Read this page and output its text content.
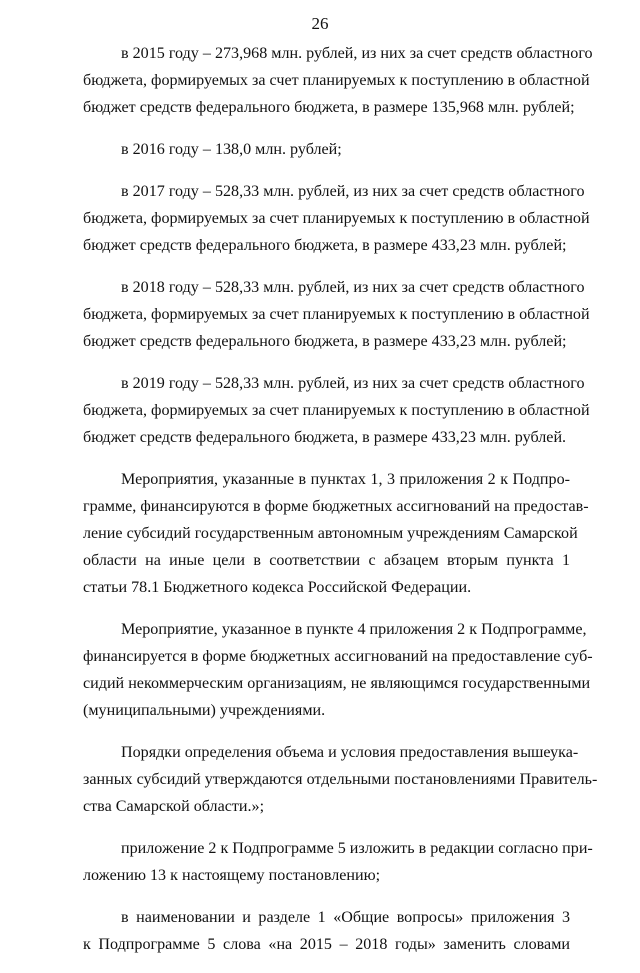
26
в 2015 году – 273,968 млн. рублей, из них за счет средств областного
бюджета, формируемых за счет планируемых к поступлению в областной
бюджет средств федерального бюджета, в размере 135,968 млн. рублей;
в 2016 году – 138,0 млн. рублей;
в 2017 году – 528,33 млн. рублей, из них за счет средств областного
бюджета, формируемых за счет планируемых к поступлению в областной
бюджет средств федерального бюджета, в размере 433,23 млн. рублей;
в 2018 году – 528,33 млн. рублей, из них за счет средств областного
бюджета, формируемых за счет планируемых к поступлению в областной
бюджет средств федерального бюджета, в размере 433,23 млн. рублей;
в 2019 году – 528,33 млн. рублей, из них за счет средств областного
бюджета, формируемых за счет планируемых к поступлению в областной
бюджет средств федерального бюджета, в размере 433,23 млн. рублей.
Мероприятия, указанные в пунктах 1, 3 приложения 2 к Подпро-
грамме, финансируются в форме бюджетных ассигнований на предостав-
ление субсидий государственным автономным учреждениям Самарской
области на иные цели в соответствии с абзацем вторым пункта 1
статьи 78.1 Бюджетного кодекса Российской Федерации.
Мероприятие, указанное в пункте 4 приложения 2 к Подпрограмме,
финансируется в форме бюджетных ассигнований на предоставление суб-
сидий некоммерческим организациям, не являющимся государственными
(муниципальными) учреждениями.
Порядки определения объема и условия предоставления вышеука-
занных субсидий утверждаются отдельными постановлениями Правитель-
ства Самарской области.»;
приложение 2 к Подпрограмме 5 изложить в редакции согласно при-
ложению 13 к настоящему постановлению;
в наименовании и разделе 1 «Общие вопросы» приложения 3
к Подпрограмме 5 слова «на 2015 – 2018 годы» заменить словами
